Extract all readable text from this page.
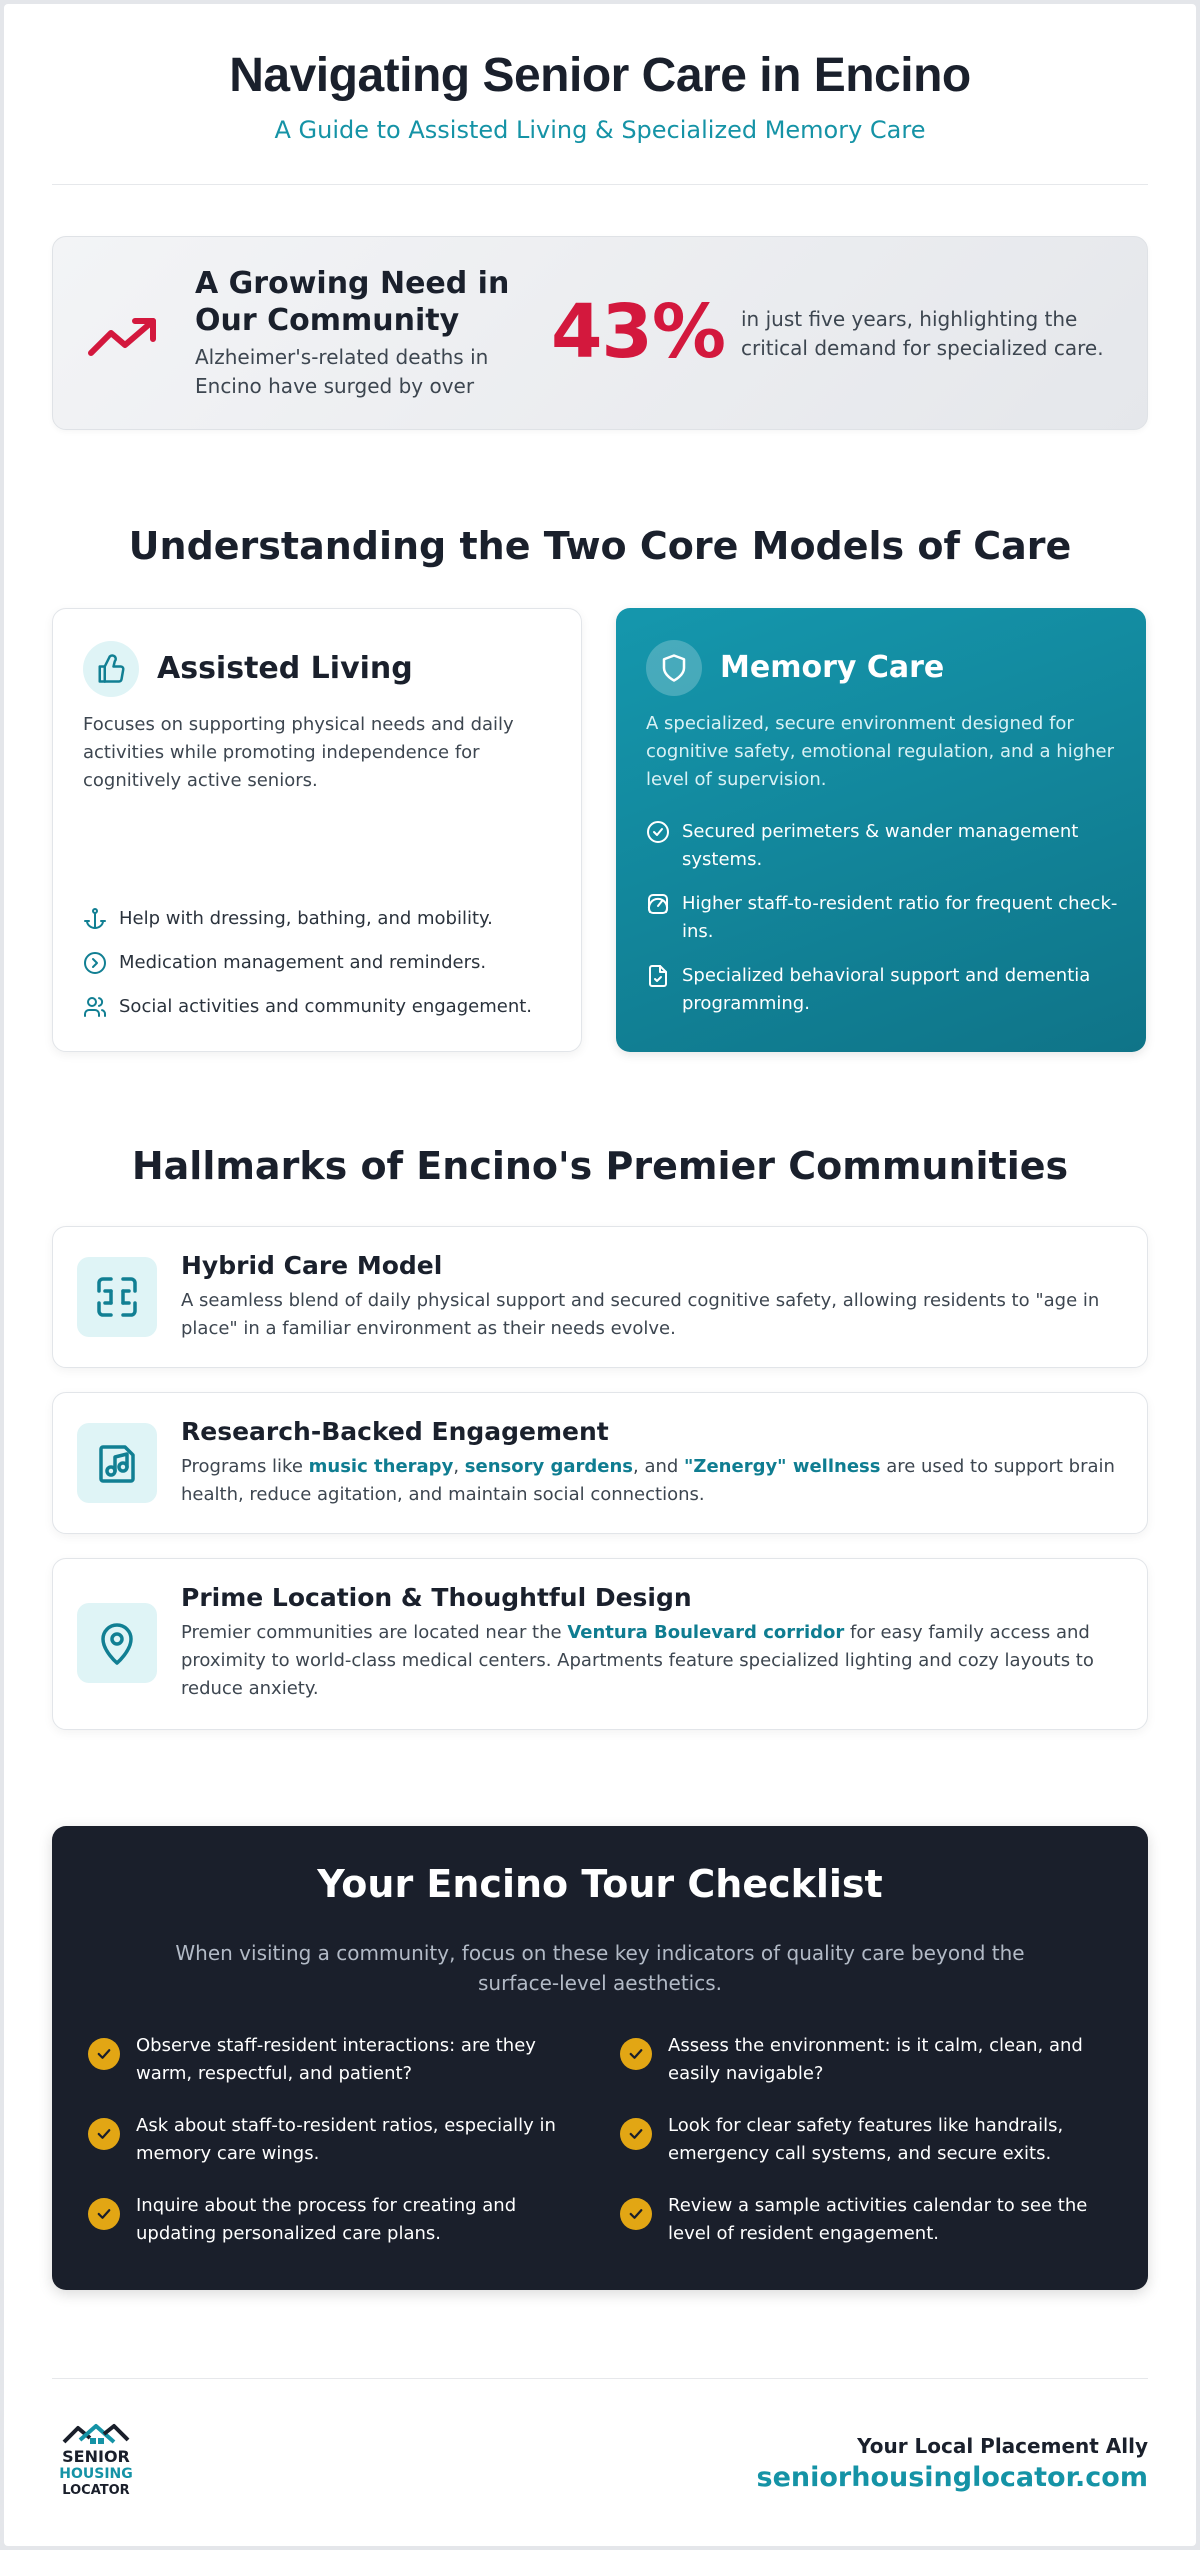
Navigating Senior Care in Encino
A Guide to Assisted Living & Specialized Memory Care
A Growing Need in Our Community
Alzheimer's-related deaths in Encino have surged by over
43% in just five years, highlighting the critical demand for specialized care.
Understanding the Two Core Models of Care
Assisted Living
Focuses on supporting physical needs and daily activities while promoting independence for cognitively active seniors.
Help with dressing, bathing, and mobility.
Medication management and reminders.
Social activities and community engagement.
Memory Care
A specialized, secure environment designed for cognitive safety, emotional regulation, and a higher level of supervision.
Secured perimeters & wander management systems.
Higher staff-to-resident ratio for frequent check-ins.
Specialized behavioral support and dementia programming.
Hallmarks of Encino's Premier Communities
Hybrid Care Model
A seamless blend of daily physical support and secured cognitive safety, allowing residents to "age in place" in a familiar environment as their needs evolve.
Research-Backed Engagement
Programs like music therapy, sensory gardens, and "Zenergy" wellness are used to support brain health, reduce agitation, and maintain social connections.
Prime Location & Thoughtful Design
Premier communities are located near the Ventura Boulevard corridor for easy family access and proximity to world-class medical centers. Apartments feature specialized lighting and cozy layouts to reduce anxiety.
Your Encino Tour Checklist
When visiting a community, focus on these key indicators of quality care beyond the surface-level aesthetics.
Observe staff-resident interactions: are they warm, respectful, and patient?
Assess the environment: is it calm, clean, and easily navigable?
Ask about staff-to-resident ratios, especially in memory care wings.
Look for clear safety features like handrails, emergency call systems, and secure exits.
Inquire about the process for creating and updating personalized care plans.
Review a sample activities calendar to see the level of resident engagement.
SENIOR
HOUSING
LOCATOR
Your Local Placement Ally
seniorhousinglocator.com
